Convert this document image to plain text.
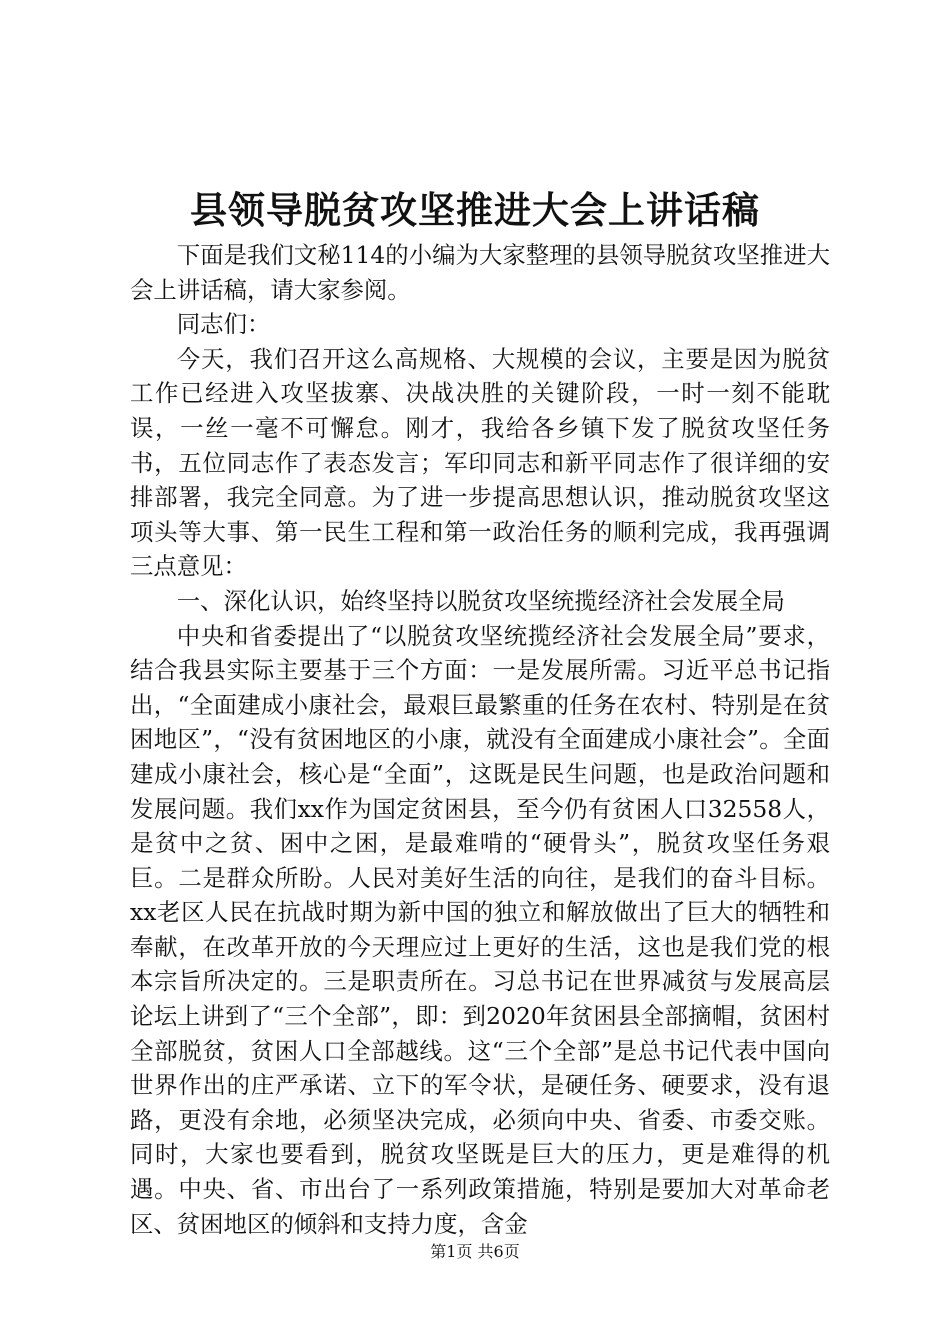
县领导脱贫攻坚推进大会上讲话稿

下面是我们文秘114的小编为大家整理的县领导脱贫攻坚推进大会上讲话稿，请大家参阅。

同志们：

今天，我们召开这么高规格、大规模的会议，主要是因为脱贫工作已经进入攻坚拔寨、决战决胜的关键阶段，一时一刻不能耽误，一丝一毫不可懈怠。刚才，我给各乡镇下发了脱贫攻坚任务书，五位同志作了表态发言；军印同志和新平同志作了很详细的安排部署，我完全同意。为了进一步提高思想认识，推动脱贫攻坚这项头等大事、第一民生工程和第一政治任务的顺利完成，我再强调三点意见：

一、深化认识，始终坚持以脱贫攻坚统揽经济社会发展全局

中央和省委提出了“以脱贫攻坚统揽经济社会发展全局”要求，结合我县实际主要基于三个方面：一是发展所需。习近平总书记指出，“全面建成小康社会，最艰巨最繁重的任务在农村、特别是在贫困地区”，“没有贫困地区的小康，就没有全面建成小康社会”。全面建成小康社会，核心是“全面”，这既是民生问题，也是政治问题和发展问题。我们xx作为国定贫困县，至今仍有贫困人口32558人，是贫中之贫、困中之困，是最难啃的“硬骨头”，脱贫攻坚任务艰巨。二是群众所盼。人民对美好生活的向往，是我们的奋斗目标。xx老区人民在抗战时期为新中国的独立和解放做出了巨大的牺牲和奉献，在改革开放的今天理应过上更好的生活，这也是我们党的根本宗旨所决定的。三是职责所在。习总书记在世界减贫与发展高层论坛上讲到了“三个全部”，即：到2020年贫困县全部摘帽，贫困村全部脱贫，贫困人口全部越线。这“三个全部”是总书记代表中国向世界作出的庄严承诺、立下的军令状，是硬任务、硬要求，没有退路，更没有余地，必须坚决完成，必须向中央、省委、市委交账。同时，大家也要看到，脱贫攻坚既是巨大的压力，更是难得的机遇。中央、省、市出台了一系列政策措施，特别是要加大对革命老区、贫困地区的倾斜和支持力度，含金

第1页 共6页
